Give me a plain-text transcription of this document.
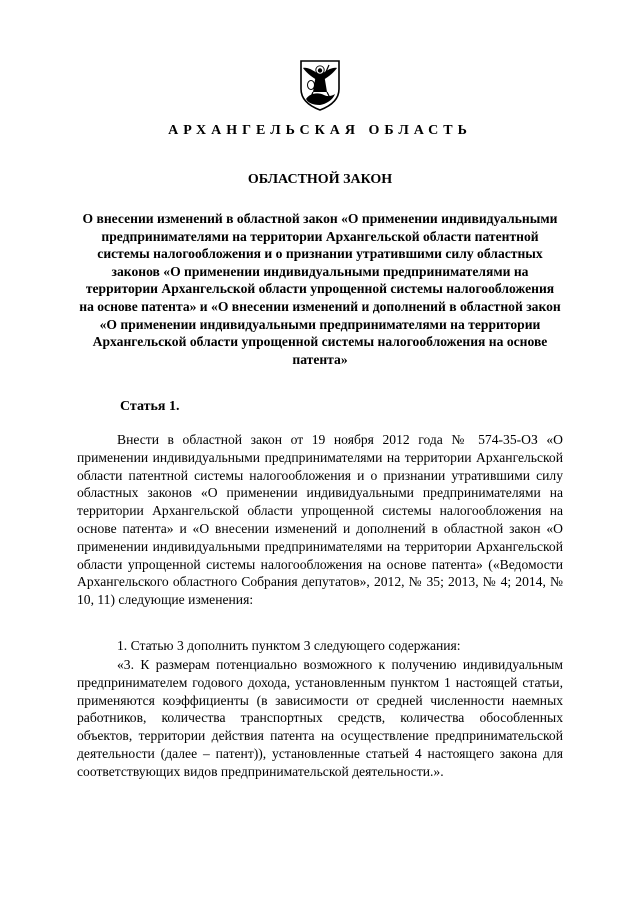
АРХАНГЕЛЬСКАЯ ОБЛАСТЬ
ОБЛАСТНОЙ ЗАКОН
О внесении изменений в областной закон «О применении индивидуальными предпринимателями на территории Архангельской области патентной системы налогообложения и о признании утратившими силу областных законов «О применении индивидуальными предпринимателями на территории Архангельской области упрощенной системы налогообложения на основе патента» и «О внесении изменений и дополнений в областной закон «О применении индивидуальными предпринимателями на территории Архангельской области упрощенной системы налогообложения на основе патента»
Статья 1.
Внести в областной закон от 19 ноября 2012 года № 574-35-ОЗ «О применении индивидуальными предпринимателями на территории Архангельской области патентной системы налогообложения и о признании утратившими силу областных законов «О применении индивидуальными предпринимателями на территории Архангельской области упрощенной системы налогообложения на основе патента» и «О внесении изменений и дополнений в областной закон «О применении индивидуальными предпринимателями на территории Архангельской области упрощенной системы налогообложения на основе патента» («Ведомости Архангельского областного Собрания депутатов», 2012, № 35; 2013, № 4; 2014, № 10, 11) следующие изменения:
1. Статью 3 дополнить пунктом 3 следующего содержания:
«3. К размерам потенциально возможного к получению индивидуальным предпринимателем годового дохода, установленным пунктом 1 настоящей статьи, применяются коэффициенты (в зависимости от средней численности наемных работников, количества транспортных средств, количества обособленных объектов, территории действия патента на осуществление предпринимательской деятельности (далее – патент)), установленные статьей 4 настоящего закона для соответствующих видов предпринимательской деятельности.».
